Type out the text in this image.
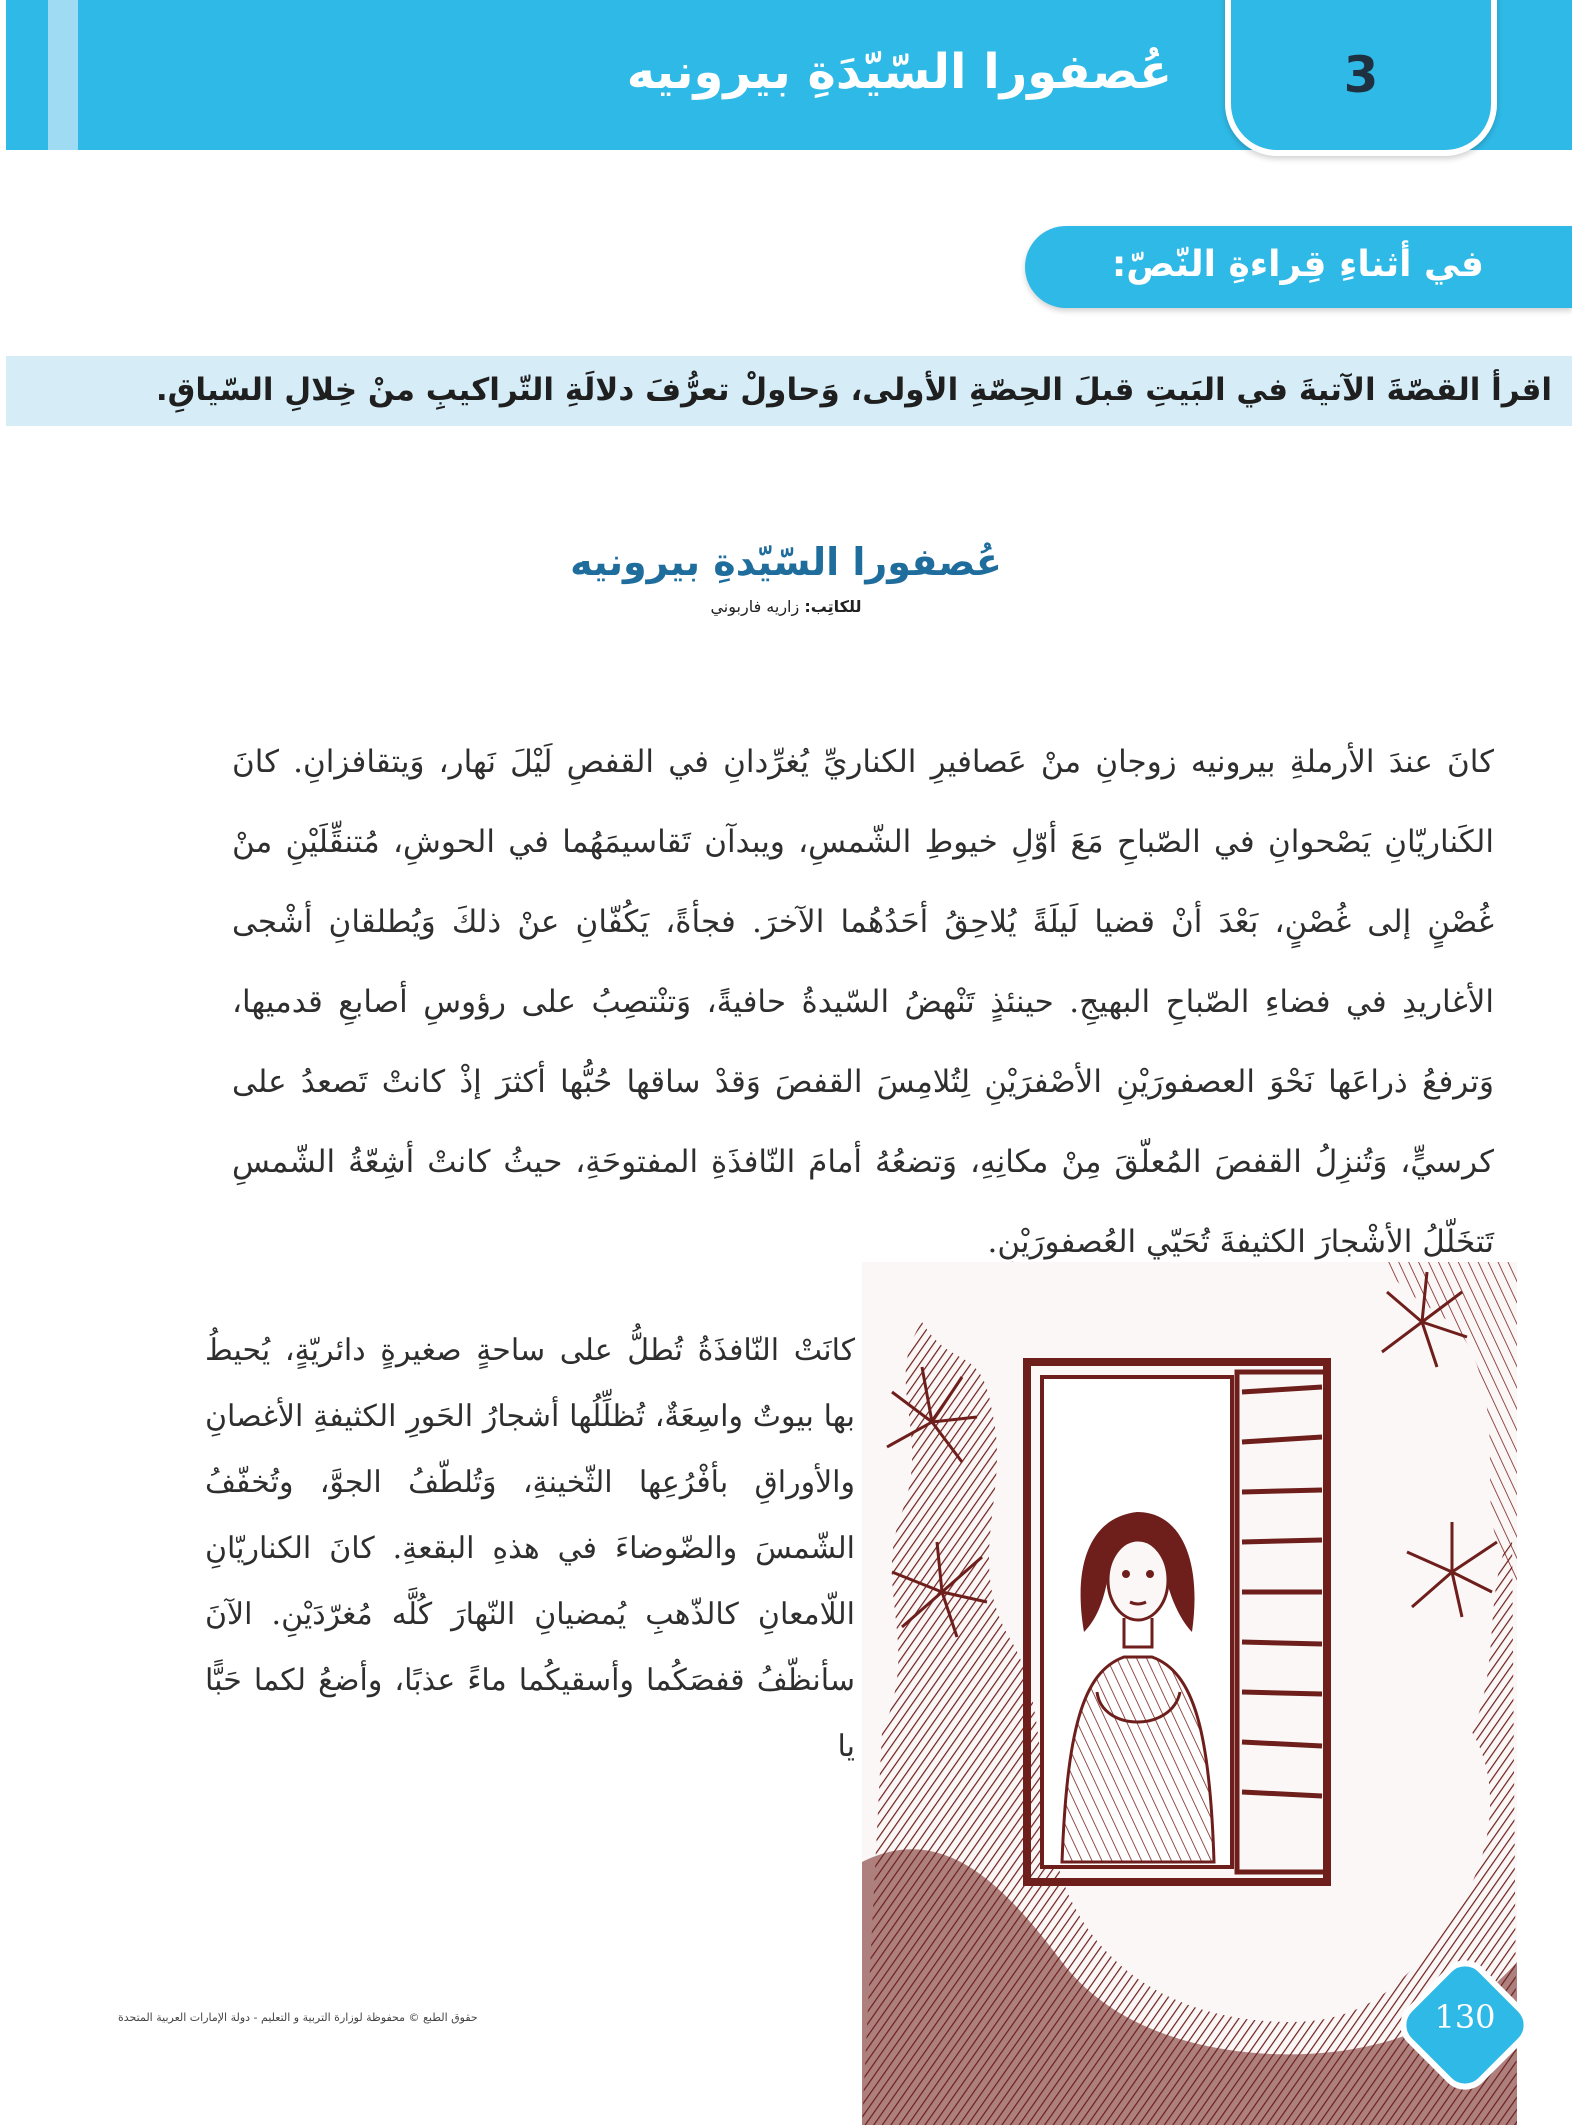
3
عُصفورا السّيّدَةِ بيرونيه
في أثناءِ قِراءةِ النّصّ:
اقرأ القصّةَ الآتيةَ في البَيتِ قبلَ الحِصّةِ الأولى، وَحاولْ تعرُّفَ دلالَةِ التّراكيبِ منْ خِلالِ السّياقِ.
عُصفورا السّيّدةِ بيرونيه
للكاتِب: زاريه فاربوني
كانَ عندَ الأرملةِ بيرونيه زوجانِ منْ عَصافيرِ الكناريِّ يُغرِّدانِ في القفصِ لَيْلَ نَهار، وَيتقافزانِ. كانَ الكَناريّانِ يَصْحوانِ في الصّباحِ مَعَ أوّلِ خيوطِ الشّمسِ، ويبدآن تَقاسيمَهُما في الحوشِ، مُتنقِّلَيْنِ منْ غُصْنٍ إلى غُصْنٍ، بَعْدَ أنْ قضيا لَيلَةً يُلاحِقُ أحَدُهُما الآخرَ. فجأةً، يَكُفّانِ عنْ ذلكَ وَيُطلقانِ أشْجى الأغاريدِ في فضاءِ الصّباحِ البهيجِ. حينئذٍ تَنْهضُ السّيدةُ حافيةً، وَتنْتصِبُ على رؤوسِ أصابعِ قدميها، وَترفعُ ذراعَها نَحْوَ العصفورَيْنِ الأصْفرَيْنِ لِتُلامِسَ القفصَ وَقدْ ساقها حُبُّها أكثرَ إذْ كانتْ تَصعدُ على كرسيٍّ، وَتُنزِلُ القفصَ المُعلّقَ مِنْ مكانِهِ، وَتضعُهُ أمامَ النّافذَةِ المفتوحَةِ، حيثُ كانتْ أشِعّةُ الشّمسِ تَتخَلّلُ الأشْجارَ الكثيفةَ تُحَيّي العُصفورَيْنِ.
كانَتْ النّافذَةُ تُطلُّ على ساحةٍ صغيرةٍ دائريّةٍ، يُحيطُ بها بيوتٌ واسِعَةٌ، تُظلِّلُها أشجارُ الحَورِ الكثيفةِ الأغصانِ والأوراقِ بأفْرُعِها الثّخينةِ، وَتُلطّفُ الجوَّ، وتُخفّفُ الشّمسَ والضّوضاءَ في هذهِ البقعةِ. كانَ الكناريّانِ اللّامعانِ كالذّهبِ يُمضيانِ النّهارَ كُلَّه مُغرّدَيْنِ. الآنَ سأنظّفُ قفصَكُما وأسقيكُما ماءً عذبًا، وأضعُ لكما حَبًّا يا
130
حقوق الطبع © محفوظة لوزارة التربية و التعليم - دولة الإمارات العربية المتحدة
